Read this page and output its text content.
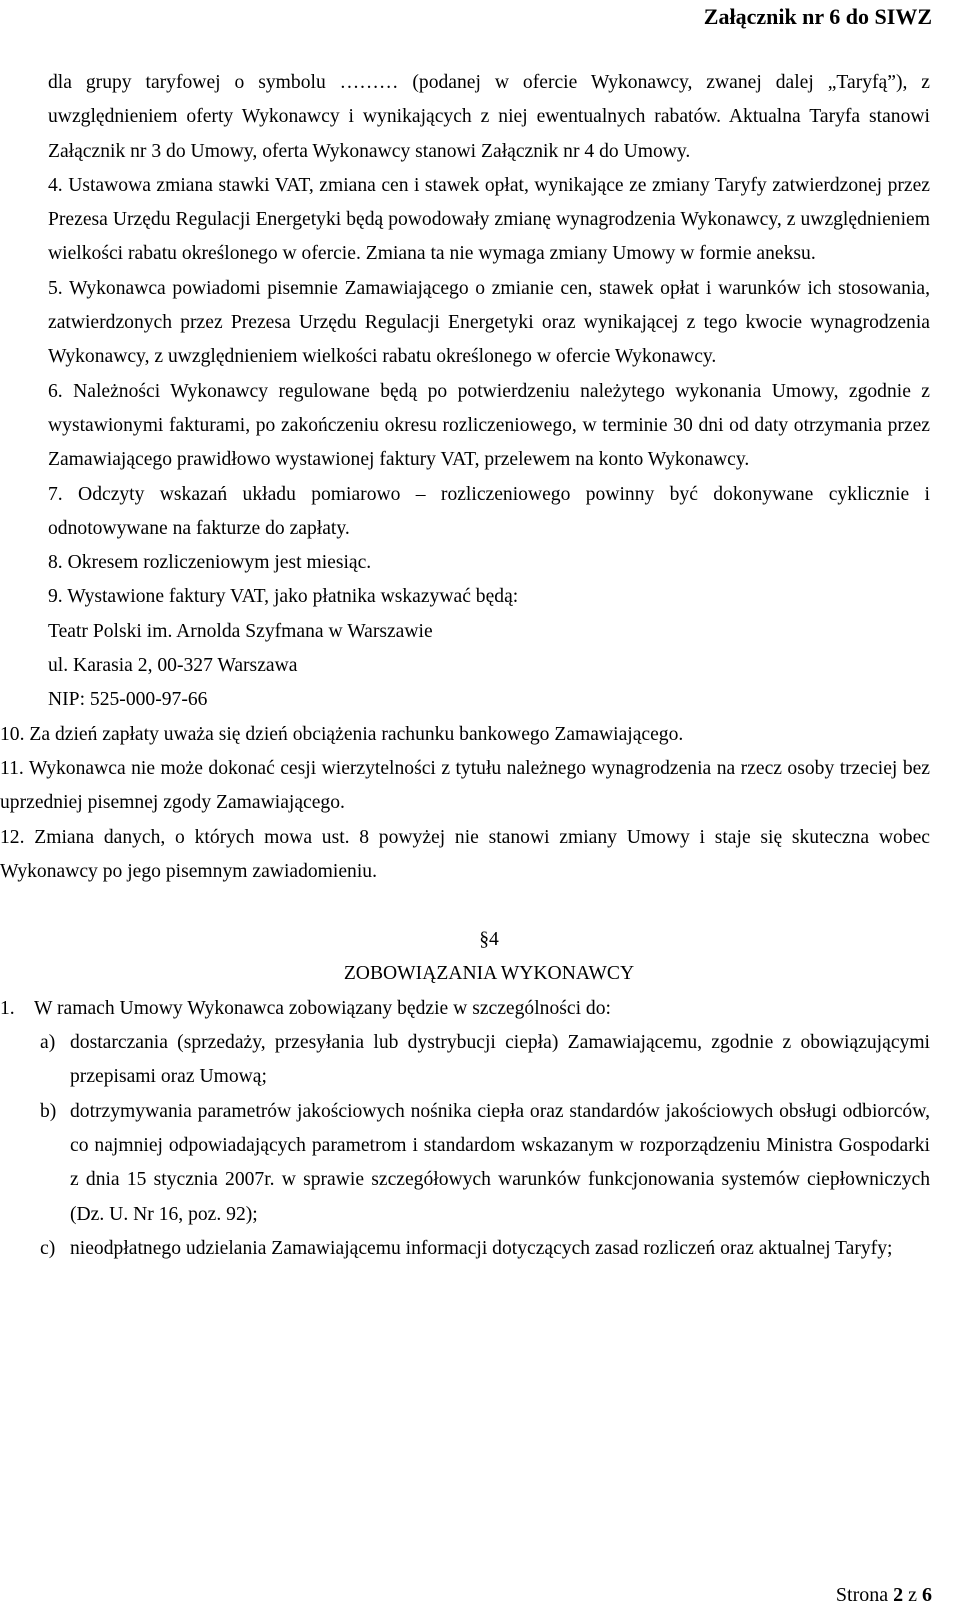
Załącznik nr 6 do SIWZ

dla grupy taryfowej o symbolu ……… (podanej w ofercie Wykonawcy, zwanej dalej „Taryfą”), z uwzględnieniem oferty Wykonawcy i wynikających z niej ewentualnych rabatów. Aktualna Taryfa stanowi Załącznik nr 3 do Umowy, oferta Wykonawcy stanowi Załącznik nr 4 do Umowy.

4. Ustawowa zmiana stawki VAT, zmiana cen i stawek opłat, wynikające ze zmiany Taryfy zatwierdzonej przez Prezesa Urzędu Regulacji Energetyki będą powodowały zmianę wynagrodzenia Wykonawcy, z uwzględnieniem wielkości rabatu określonego w ofercie. Zmiana ta nie wymaga zmiany Umowy w formie aneksu.
5. Wykonawca powiadomi pisemnie Zamawiającego o zmianie cen, stawek opłat i warunków ich stosowania, zatwierdzonych przez Prezesa Urzędu Regulacji Energetyki oraz wynikającej z tego kwocie wynagrodzenia Wykonawcy, z uwzględnieniem wielkości rabatu określonego w ofercie Wykonawcy.
6. Należności Wykonawcy regulowane będą po potwierdzeniu należytego wykonania Umowy, zgodnie z wystawionymi fakturami, po zakończeniu okresu rozliczeniowego, w terminie 30 dni od daty otrzymania przez Zamawiającego prawidłowo wystawionej faktury VAT, przelewem na konto Wykonawcy.
7. Odczyty wskazań układu pomiarowo – rozliczeniowego powinny być dokonywane cyklicznie i odnotowywane na fakturze do zapłaty.
8. Okresem rozliczeniowym jest miesiąc.
9. Wystawione faktury VAT, jako płatnika wskazywać będą:
Teatr Polski im. Arnolda Szyfmana w Warszawie
ul. Karasia 2, 00-327 Warszawa
NIP: 525-000-97-66
10. Za dzień zapłaty uważa się dzień obciążenia rachunku bankowego Zamawiającego.
11. Wykonawca nie może dokonać cesji wierzytelności z tytułu należnego wynagrodzenia na rzecz osoby trzeciej bez uprzedniej pisemnej zgody Zamawiającego.
12. Zmiana danych, o których mowa ust. 8 powyżej nie stanowi zmiany Umowy i staje się skuteczna wobec Wykonawcy po jego pisemnym zawiadomieniu.
§4
ZOBOWIĄZANIA WYKONAWCY
1. W ramach Umowy Wykonawca zobowiązany będzie w szczególności do:
a) dostarczania (sprzedaży, przesyłania lub dystrybucji ciepła) Zamawiającemu, zgodnie z obowiązującymi przepisami oraz Umową;
b) dotrzymywania parametrów jakościowych nośnika ciepła oraz standardów jakościowych obsługi odbiorców, co najmniej odpowiadających parametrom i standardom wskazanym w rozporządzeniu Ministra Gospodarki z dnia 15 stycznia 2007r. w sprawie szczegółowych warunków funkcjonowania systemów ciepłowniczych (Dz. U. Nr 16, poz. 92);
c) nieodpłatnego udzielania Zamawiającemu informacji dotyczących zasad rozliczeń oraz aktualnej Taryfy;
Strona 2 z 6
